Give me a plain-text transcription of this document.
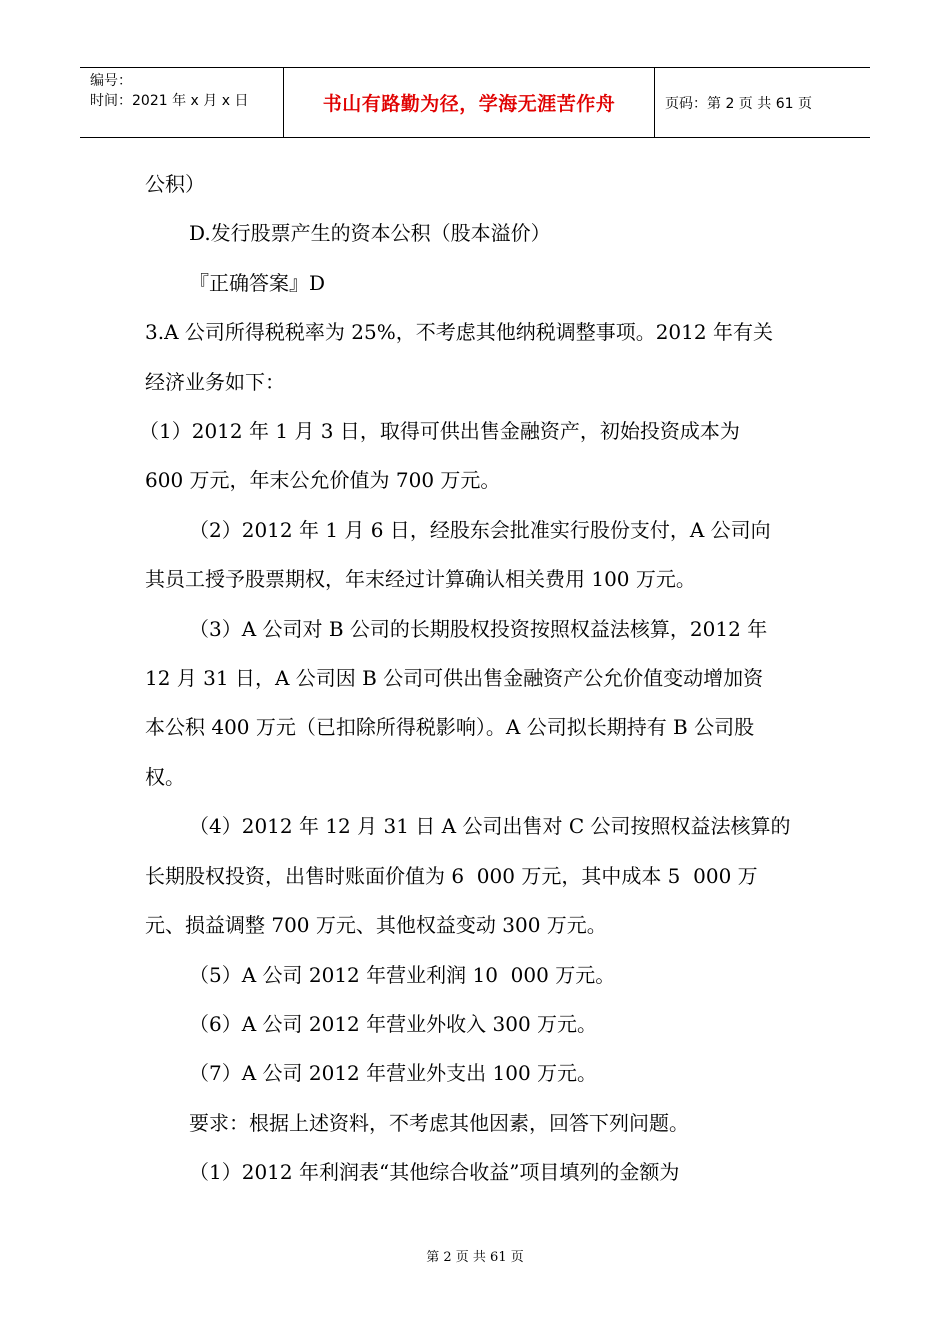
编号：
时间：2021 年 x 月 x 日	书山有路勤为径，学海无涯苦作舟	页码：第 2 页 共 61 页

公积）

D.发行股票产生的资本公积（股本溢价）

『正确答案』D

3.A 公司所得税税率为 25%，不考虑其他纳税调整事项。2012 年有关

经济业务如下：

（1）2012 年 1 月 3 日，取得可供出售金融资产，初始投资成本为

600 万元，年末公允价值为 700 万元。

（2）2012 年 1 月 6 日，经股东会批准实行股份支付，A 公司向

其员工授予股票期权，年末经过计算确认相关费用 100 万元。

（3）A 公司对 B 公司的长期股权投资按照权益法核算，2012 年

12 月 31 日，A 公司因 B 公司可供出售金融资产公允价值变动增加资

本公积 400 万元（已扣除所得税影响）。A 公司拟长期持有 B 公司股

权。

（4）2012 年 12 月 31 日 A 公司出售对 C 公司按照权益法核算的

长期股权投资，出售时账面价值为 6  000 万元，其中成本 5  000 万

元、损益调整 700 万元、其他权益变动 300 万元。

（5）A 公司 2012 年营业利润 10  000 万元。

（6）A 公司 2012 年营业外收入 300 万元。

（7）A 公司 2012 年营业外支出 100 万元。

要求：根据上述资料，不考虑其他因素，回答下列问题。

（1）2012 年利润表“其他综合收益”项目填列的金额为

第 2 页 共 61 页
